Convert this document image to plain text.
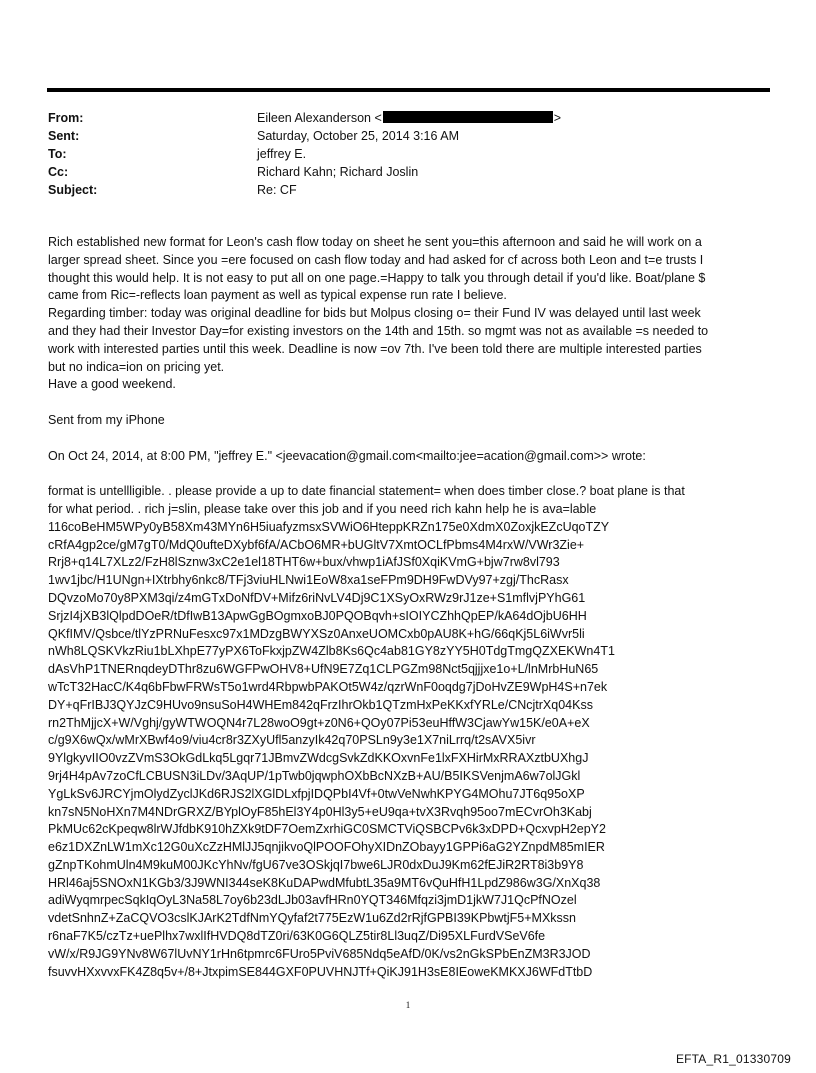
From:	Eileen Alexanderson <	>
Sent:	Saturday, October 25, 2014 3:16 AM
To:	jeffrey E.
Cc:	Richard Kahn; Richard Joslin
Subject:	Re: CF
Rich established new format for Leon's cash flow today on sheet he sent you=this afternoon and said he will work on a
larger spread sheet. Since you =ere focused on cash flow today and had asked for cf across both Leon and t=e trusts I
thought this would help. It is not easy to put all on one page.=Happy to talk you through detail if you'd like. Boat/plane $
came from Ric=-reflects loan payment as well as typical expense run rate I believe.
Regarding timber: today was original deadline for bids but Molpus closing o= their Fund IV was delayed until last week
and they had their Investor Day=for existing investors on the 14th and 15th. so mgmt was not as available =s needed to
work with interested parties until this week. Deadline is now =ov 7th. I've been told there are multiple interested parties
but no indica=ion on pricing yet.
Have a good weekend.
Sent from my iPhone
On Oct 24, 2014, at 8:00 PM, "jeffrey E." <jeevacation@gmail.com<mailto:jee=acation@gmail.com>> wrote:
format is untellligible. . please provide a up to date financial statement= when does timber close.? boat plane is that
for what period. . rich j=slin, please take over this job and if you need rich kahn help he is ava=lable
116coBeHM5WPy0yB58Xm43MYn6H5iuafyzmsxSVWiO6HteppKRZn175e0XdmX0ZoxjkEZcUqoTZY
cRfA4gp2ce/gM7gT0/MdQ0ufteDXybf6fA/ACbO6MR+bUGltV7XmtOCLfPbms4M4rxW/VWr3Zie+
Rrj8+q14L7XLz2/FzH8lSznw3xC2e1el18THT6w+bux/vhwp1iAfJSf0XqiKVmG+bjw7rw8vl793
1wv1jbc/H1UNgn+IXtrbhy6nkc8/TFj3viuHLNwi1EoW8xa1seFPm9DH9FwDVy97+zgj/ThcRasx
DQvzoMo70y8PXM3qi/z4mGTxDoNfDV+Mifz6riNvLV4Dj9C1XSyOxRWz9rJ1ze+S1mflvjPYhG61
SrjzI4jXB3lQlpdDOeR/tDfIwB13ApwGgBOgmxoBJ0PQOBqvh+sIOIYCZhhQpEP/kA64dOjbU6HH
QKfIMV/Qsbce/tlYzPRNuFesxc97x1MDzgBWYXSz0AnxeUOMCxb0pAU8K+hG/66qKj5L6iWvr5li
nWh8LQSKVkzRiu1bLXhpE77yPX6ToFkxjpZW4Zlb8Ks6Qc4ab81GY8zYY5H0TdgTmgQZXEKWn4T1
dAsVhP1TNERnqdeyDThr8zu6WGFPwOHV8+UfN9E7Zq1CLPGZm98Nct5qjjjxe1o+L/lnMrbHuN65
wTcT32HacC/K4q6bFbwFRWsT5o1wrd4RbpwbPAKOt5W4z/qzrWnF0oqdg7jDoHvZE9WpH4S+n7ek
DY+qFrIBJ3QYJzC9HUvo9nsuSoH4WHEm842qFrzIhrOkb1QTzmHxPeKKxfYRLe/CNcjtrXq04Kss
rn2ThMjjcX+W/Vghj/gyWTWOQN4r7L28woO9gt+z0N6+QOy07Pi53euHffW3CjawYw15K/e0A+eX
c/g9X6wQx/wMrXBwf4o9/viu4cr8r3ZXyUfl5anzyIk42q70PSLn9y3e1X7niLrrq/t2sAVX5ivr
9YlgkyvIIO0vzZVmS3OkGdLkq5Lgqr71JBmvZWdcgSvkZdKKOxvnFe1lxFXHirMxRRAXztbUXhgJ
9rj4H4pAv7zoCfLCBUSN3iLDv/3AqUP/1pTwb0jqwphOXbBcNXzB+AU/B5IKSVenjmA6w7olJGkl
YgLkSv6JRCYjmOlydZyclJKd6RJS2lXGlDLxfpjIDQPbI4Vf+0twVeNwhKPYG4MOhu7JT6q95oXP
kn7sN5NoHXn7M4NDrGRXZ/BYplOyF85hEl3Y4p0Hl3y5+eU9qa+tvX3Rvqh95oo7mECvrOh3Kabj
PkMUc62cKpeqw8lrWJfdbK910hZXk9tDF7OemZxrhiGC0SMCTViQSBCPv6k3xDPD+QcxvpH2epY2
e6z1DXZnLW1mXc12G0uXcZzHMlJJ5qnjikvoQlPOOFOhyXIDnZObayy1GPPi6aG2YZnpdM85mIER
gZnpTKohmUln4M9kuM00JKcYhNv/fgU67ve3OSkjqI7bwe6LJR0dxDuJ9Km62fEJiR2RT8i3b9Y8
HRl46aj5SNOxN1KGb3/3J9WNI344seK8KuDAPwdMfubtL35a9MT6vQuHfH1LpdZ986w3G/XnXq38
adiWyqmrpecSqkIqOyL3Na58L7oy6b23dLJb03avfHRn0YQT346Mfqzi3jmD1jkW7J1QcPfNOzel
vdetSnhnZ+ZaCQVO3cslKJArK2TdfNmYQyfaf2t775EzW1u6Zd2rRjfGPBI39KPbwtjF5+MXkssn
r6naF7K5/czTz+uePlhx7wxlIfHVDQ8dTZ0ri/63K0G6QLZ5tir8Ll3uqZ/Di95XLFurdVSeV6fe
vW/x/R9JG9YNv8W67lUvNY1rHn6tpmrc6FUro5PviV685Ndq5eAfD/0K/vs2nGkSPbEnZM3R3JOD
fsuvvHXxvvxFK4Z8q5v+/8+JtxpimSE844GXF0PUVHNJTf+QiKJ91H3sE8IEoweKMKXJ6WFdTtbD
1
EFTA_R1_01330709
